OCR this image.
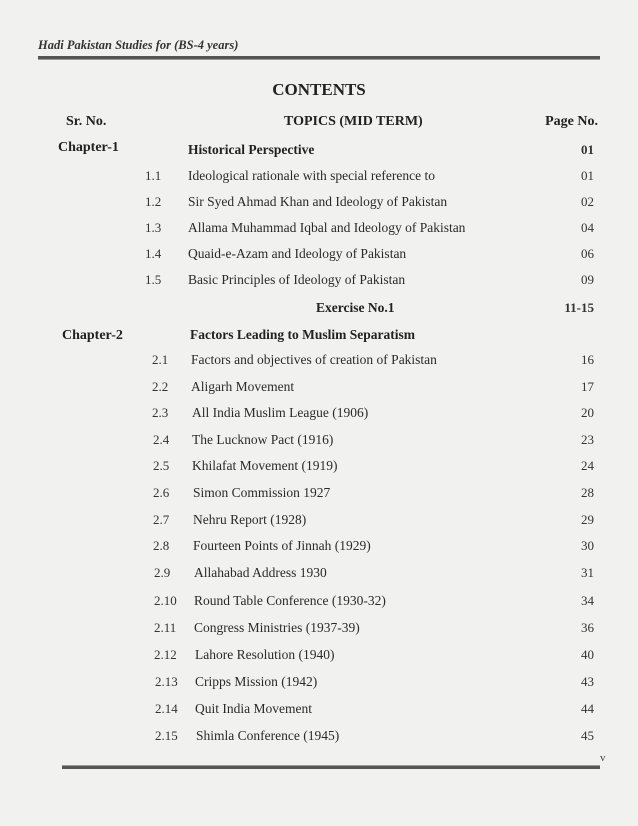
Hadi Pakistan Studies for (BS-4 years)
CONTENTS
Sr. No.	TOPICS (MID TERM)	Page No.
Chapter-1	Historical Perspective	01
1.1 Ideological rationale with special reference to	01
1.2 Sir Syed Ahmad Khan and Ideology of Pakistan	02
1.3 Allama Muhammad Iqbal and Ideology of Pakistan	04
1.4 Quaid-e-Azam and Ideology of Pakistan	06
1.5 Basic Principles of Ideology of Pakistan	09
Exercise No.1	11-15
Chapter-2	Factors Leading to Muslim Separatism
2.1 Factors and objectives of creation of Pakistan	16
2.2 Aligarh Movement	17
2.3 All India Muslim League (1906)	20
2.4 The Lucknow Pact (1916)	23
2.5 Khilafat Movement (1919)	24
2.6 Simon Commission 1927	28
2.7 Nehru Report (1928)	29
2.8 Fourteen Points of Jinnah (1929)	30
2.9 Allahabad Address 1930	31
2.10 Round Table Conference (1930-32)	34
2.11 Congress Ministries (1937-39)	36
2.12 Lahore Resolution (1940)	40
2.13 Cripps Mission (1942)	43
2.14 Quit India Movement	44
2.15 Shimla Conference (1945)	45
v
